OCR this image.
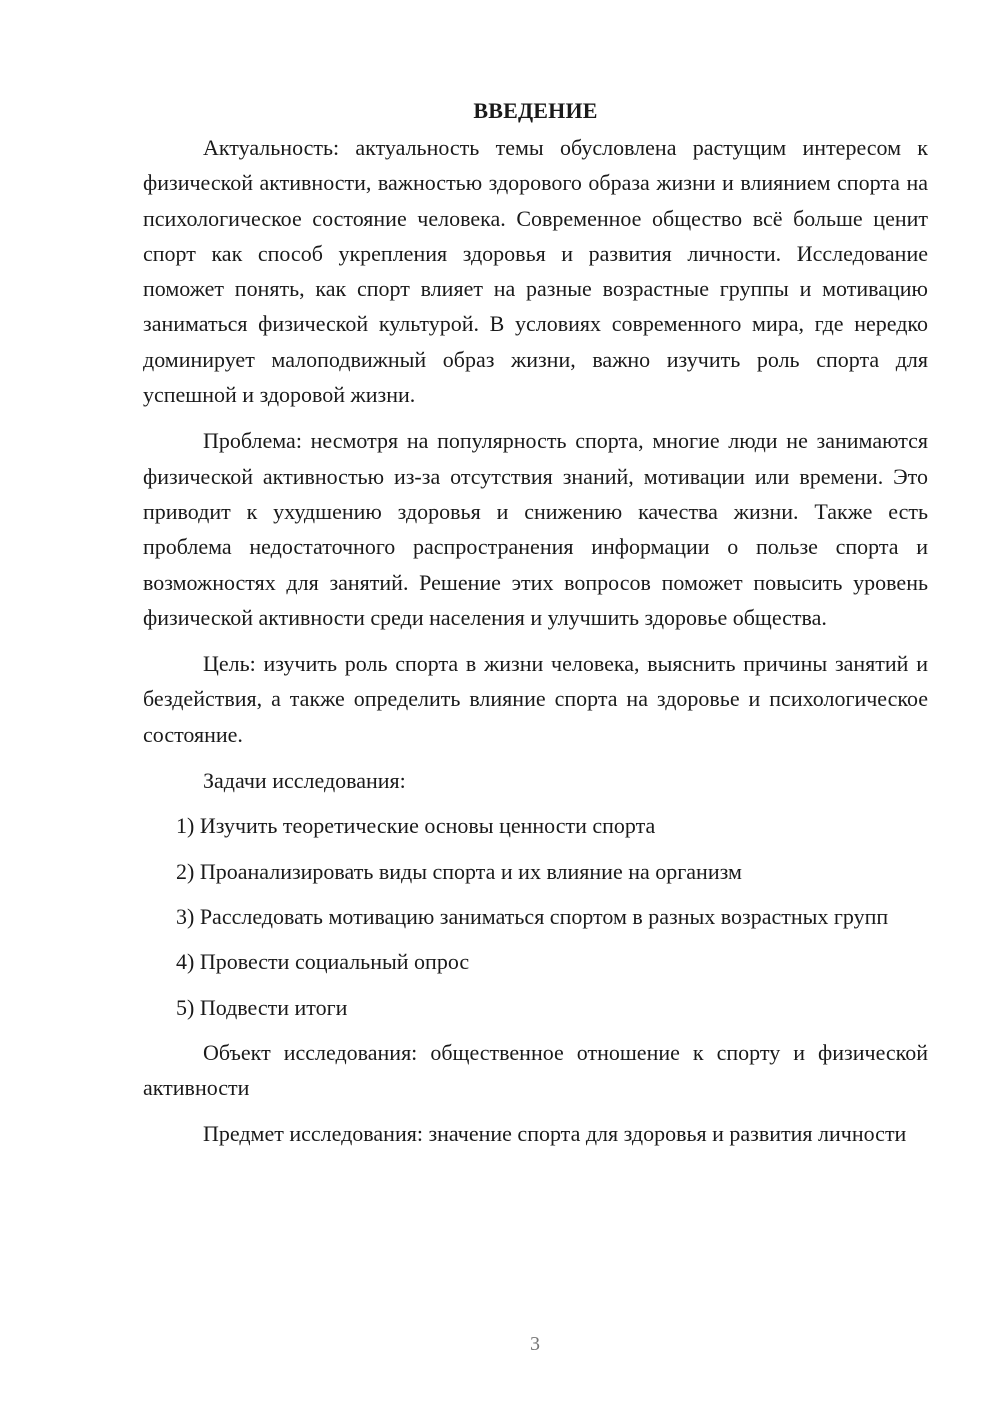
ВВЕДЕНИЕ

Актуальность: актуальность темы обусловлена растущим интересом к физической активности, важностью здорового образа жизни и влиянием спорта на психологическое состояние человека. Современное общество всё больше ценит спорт как способ укрепления здоровья и развития личности. Исследование поможет понять, как спорт влияет на разные возрастные группы и мотивацию заниматься физической культурой. В условиях современного мира, где нередко доминирует малоподвижный образ жизни, важно изучить роль спорта для успешной и здоровой жизни.

Проблема: несмотря на популярность спорта, многие люди не занимаются физической активностью из-за отсутствия знаний, мотивации или времени. Это приводит к ухудшению здоровья и снижению качества жизни. Также есть проблема недостаточного распространения информации о пользе спорта и возможностях для занятий. Решение этих вопросов поможет повысить уровень физической активности среди населения и улучшить здоровье общества.

Цель: изучить роль спорта в жизни человека, выяснить причины занятий и бездействия, а также определить влияние спорта на здоровье и психологическое состояние.

Задачи исследования:

1) Изучить теоретические основы ценности спорта

2) Проанализировать виды спорта и их влияние на организм

3) Расследовать мотивацию заниматься спортом в разных возрастных групп

4) Провести социальный опрос

5) Подвести итоги

Объект исследования: общественное отношение к спорту и физической активности

Предмет исследования: значение спорта для здоровья и развития личности

3
